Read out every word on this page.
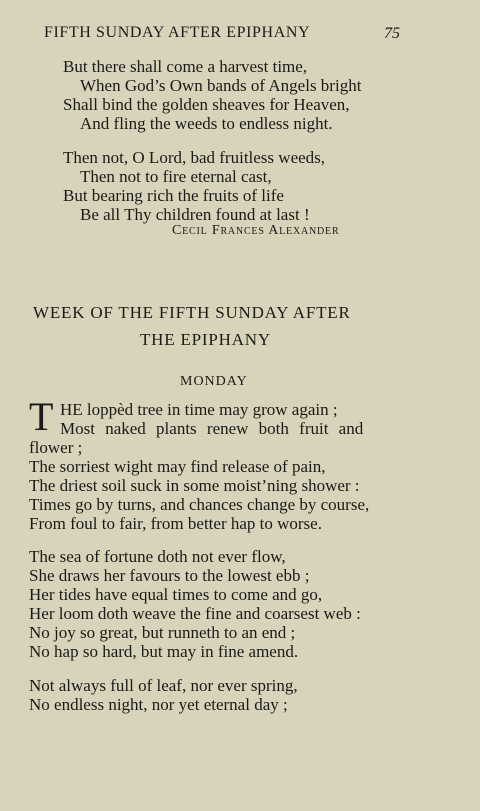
FIFTH SUNDAY AFTER EPIPHANY	75
But there shall come a harvest time,
When God’s Own bands of Angels bright
Shall bind the golden sheaves for Heaven,
And fling the weeds to endless night.
Then not, O Lord, bad fruitless weeds,
Then not to fire eternal cast,
But bearing rich the fruits of life
Be all Thy children found at last !
Cecil Frances Alexander
WEEK OF THE FIFTH SUNDAY AFTER
THE EPIPHANY
MONDAY
T HE loppèd tree in time may grow again ;
Most naked plants renew both fruit and
flower ;
The sorriest wight may find release of pain,
The driest soil suck in some moist’ning shower :
Times go by turns, and chances change by course,
From foul to fair, from better hap to worse.
The sea of fortune doth not ever flow,
She draws her favours to the lowest ebb ;
Her tides have equal times to come and go,
Her loom doth weave the fine and coarsest web :
No joy so great, but runneth to an end ;
No hap so hard, but may in fine amend.
Not always full of leaf, nor ever spring,
No endless night, nor yet eternal day ;
